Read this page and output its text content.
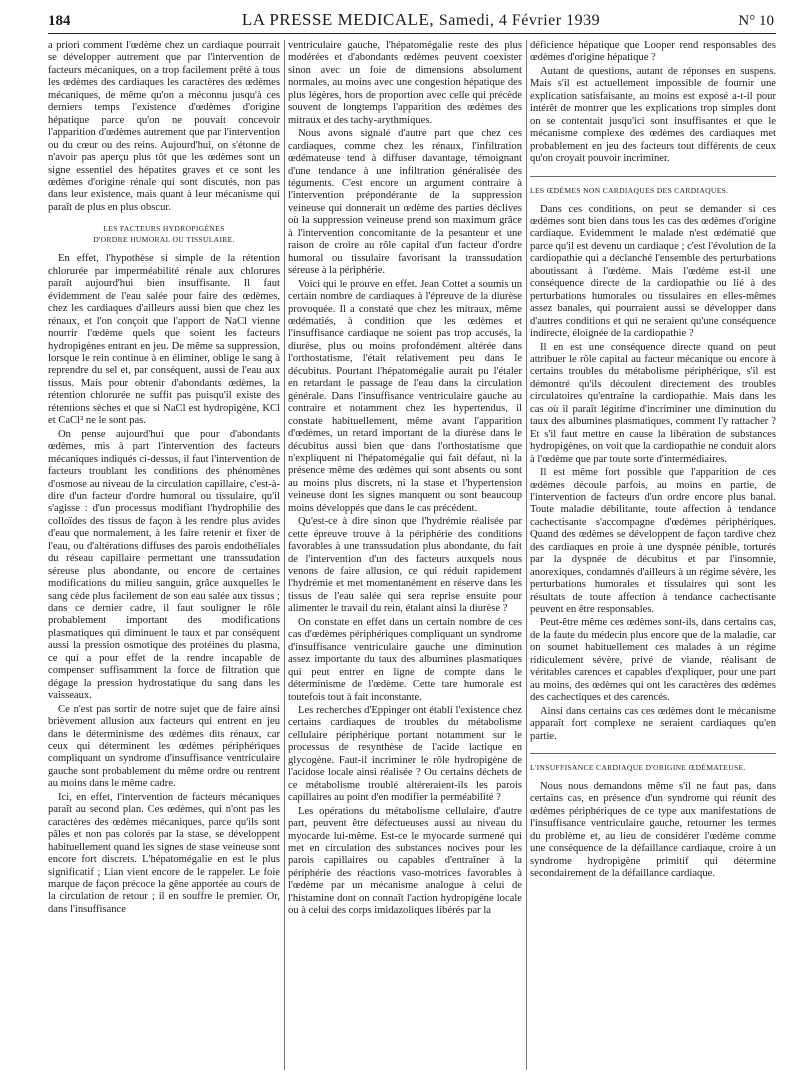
184	LA PRESSE MEDICALE, Samedi, 4 Février 1939	N° 10

a priori comment l'œdème chez un cardiaque pourrait se développer autrement que par l'intervention de facteurs mécaniques, on a trop facilement prêté à tous les œdèmes des cardiaques les caractères des œdèmes mécaniques, de même qu'on a méconnu jusqu'à ces derniers temps l'existence d'œdèmes d'origine hépatique parce qu'on ne pouvait concevoir l'apparition d'œdèmes autrement que par l'intervention ou du cœur ou des reins. Aujourd'hui, on s'étonne de n'avoir pas aperçu plus tôt que les œdèmes sont un signe essentiel des hépatites graves et ce sont les œdèmes d'origine rénale qui sont discutés, non pas dans leur existence, mais quant à leur mécanisme qui paraît de plus en plus obscur.

LES FACTEURS HYDROPIGÈNES
D'ORDRE HUMORAL OU TISSULAIRE.

En effet, l'hypothèse si simple de la rétention chlorurée par imperméabilité rénale aux chlorures paraît aujourd'hui bien insuffisante. Il faut évidemment de l'eau salée pour faire des œdèmes, chez les cardiaques d'ailleurs aussi bien que chez les rénaux, et l'on conçoit que l'apport de NaCl vienne nourrir l'œdème quels que soient les facteurs hydropigènes entrant en jeu. De même sa suppression, lorsque le rein continue à en éliminer, oblige le sang à reprendre du sel et, par conséquent, aussi de l'eau aux tissus. Mais pour obtenir d'abondants œdèmes, la rétention chlorurée ne suffit pas puisqu'il existe des rétentions sèches et que si NaCl est hydropigène, KCl et CaCl² ne le sont pas.

On pense aujourd'hui que pour d'abondants œdèmes, mis à part l'intervention des facteurs mécaniques indiqués ci-dessus, il faut l'intervention de facteurs troublant les conditions des phénomènes d'osmose au niveau de la circulation capillaire, c'est-à-dire d'un facteur d'ordre humoral ou tissulaire, qu'il s'agisse : d'un processus modifiant l'hydrophilie des colloïdes des tissus de façon à les rendre plus avides d'eau que normalement, à les faire retenir et fixer de l'eau, ou d'altérations diffuses des parois endothéliales du réseau capillaire permettant une transsudation séreuse plus abondante, ou encore de certaines modifications du milieu sanguin, grâce auxquelles le sang cède plus facilement de son eau salée aux tissus ; dans ce dernier cadre, il faut souligner le rôle probablement important des modifications plasmatiques qui diminuent le taux et par conséquent aussi la pression osmotique des protéines du plasma, ce qui a pour effet de la rendre incapable de compenser suffisamment la force de filtration que dégage la pression hydrostatique du sang dans les vaisseaux.

Ce n'est pas sortir de notre sujet que de faire ainsi brièvement allusion aux facteurs qui entrent en jeu dans le déterminisme des œdèmes dits rénaux, car ceux qui déterminent les œdèmes périphériques compliquant un syndrome d'insuffisance ventriculaire gauche sont probablement du même ordre ou rentrent au moins dans le même cadre.

Ici, en effet, l'intervention de facteurs mécaniques paraît au second plan. Ces œdèmes, qui n'ont pas les caractères des œdèmes mécaniques, parce qu'ils sont pâles et non pas colorés par la stase, se développent habituellement quand les signes de stase veineuse sont encore fort discrets. L'hépatomégalie en est le plus significatif ; Lian vient encore de le rappeler. Le foie marque de façon précoce la gêne apportée au cours de la circulation de retour ; il en souffre le premier. Or, dans l'insuffisance

ventriculaire gauche, l'hépatomégalie reste des plus modérées et d'abondants œdèmes peuvent coexister sinon avec un foie de dimensions absolument normales, au moins avec une congestion hépatique des plus légères, hors de proportion avec celle qui précède souvent de longtemps l'apparition des œdèmes des mitraux et des tachy-arythmiques.

Nous avons signalé d'autre part que chez ces cardiaques, comme chez les rénaux, l'infiltration œdémateuse tend à diffuser davantage, témoignant d'une tendance à une infiltration généralisée des téguments. C'est encore un argument contraire à l'intervention prépondérante de la suppression veineuse qui donnerait un œdème des parties déclives où la suppression veineuse prend son maximum grâce à l'intervention concomitante de la pesanteur et une raison de croire au rôle capital d'un facteur d'ordre humoral ou tissulaire favorisant la transsudation séreuse à la périphérie.

Voici qui le prouve en effet. Jean Cottet a soumis un certain nombre de cardiaques à l'épreuve de la diurèse provoquée. Il a constaté que chez les mitraux, même œdématiés, à condition que les œdèmes et l'insuffisance cardiaque ne soient pas trop accusés, la diurèse, plus ou moins profondément altérée dans l'orthostatisme, l'était relativement peu dans le décubitus. Pourtant l'hépatomégalie aurait pu l'étaler en retardant le passage de l'eau dans la circulation générale. Dans l'insuffisance ventriculaire gauche au contraire et notamment chez les hypertendus, il constate habituellement, même avant l'apparition d'œdèmes, un retard important de la diurèse dans le décubitus aussi bien que dans l'orthostatisme que n'expliquent ni l'hépatomégalie qui fait défaut, ni la présence même des œdèmes qui sont absents ou sont au moins plus discrets, ni la stase et l'hypertension veineuse dont les signes manquent ou sont beaucoup moins développés que dans le cas précédent.

Qu'est-ce à dire sinon que l'hydrémie réalisée par cette épreuve trouve à la périphérie des conditions favorables à une transsudation plus abondante, du fait de l'intervention d'un des facteurs auxquels nous venons de faire allusion, ce qui réduit rapidement l'hydrémie et met momentanément en réserve dans les tissus de l'eau salée qui sera reprise ensuite pour alimenter le travail du rein, étalant ainsi la diurèse ?

On constate en effet dans un certain nombre de ces cas d'œdèmes périphériques compliquant un syndrome d'insuffisance ventriculaire gauche une diminution assez importante du taux des albumines plasmatiques qui peut entrer en ligne de compte dans le déterminisme de l'œdème. Cette tare humorale est toutefois tout à fait inconstante.

Les recherches d'Eppinger ont établi l'existence chez certains cardiaques de troubles du métabolisme cellulaire périphérique portant notamment sur le processus de resynthèse de l'acide lactique en glycogène. Faut-il incriminer le rôle hydropigène de l'acidose locale ainsi réalisée ? Ou certains déchets de ce métabolisme troublé altéreraient-ils les parois capillaires au point d'en modifier la perméabilité ?

Les opérations du métabolisme cellulaire, d'autre part, peuvent être défectueuses aussi au niveau du myocarde lui-même. Est-ce le myocarde surmené qui met en circulation des substances nocives pour les parois capillaires ou capables d'entraîner à la périphérie des réactions vaso-motrices favorables à l'œdème par un mécanisme analogue à celui de l'histamine dont on connaît l'action hydropigène locale ou à celui des corps imidazoliques libérés par la

déficience hépatique que Looper rend responsables des œdèmes d'origine hépatique ?

Autant de questions, autant de réponses en suspens. Mais s'il est actuellement impossible de fournir une explication satisfaisante, au moins est exposé a-t-il pour intérêt de montrer que les explications trop simples dont on se contentait jusqu'ici sont insuffisantes et que le mécanisme complexe des œdèmes des cardiaques met probablement en jeu des facteurs tout différents de ceux qu'on croyait pouvoir incriminer.

LES ŒDÈMES NON CARDIAQUES DES CARDIAQUES.

Dans ces conditions, on peut se demander si ces œdèmes sont bien dans tous les cas des œdèmes d'origine cardiaque. Evidemment le malade n'est œdématié que parce qu'il est devenu un cardiaque ; c'est l'évolution de la cardiopathie qui a déclanché l'ensemble des perturbations aboutissant à l'œdème. Mais l'œdème est-il une conséquence directe de la cardiopathie ou lié à des perturbations humorales ou tissulaires en elles-mêmes assez banales, qui pourraient aussi se développer dans d'autres conditions et qui ne seraient qu'une conséquence indirecte, éloignée de la cardiopathie ?

Il en est une conséquence directe quand on peut attribuer le rôle capital au facteur mécanique ou encore à certains troubles du métabolisme périphérique, s'il est démontré qu'ils découlent directement des troubles circulatoires qu'entraîne la cardiopathie. Mais dans les cas où il paraît légitime d'incriminer une diminution du taux des albumines plasmatiques, comment l'y rattacher ? Et s'il faut mettre en cause la libération de substances hydropigènes, on voit que la cardiopathie ne conduit alors à l'œdème que par toute sorte d'intermédiaires.

Il est même fort possible que l'apparition de ces œdèmes découle parfois, au moins en partie, de l'intervention de facteurs d'un ordre encore plus banal. Toute maladie débilitante, toute affection à tendance cachectisante s'accompagne d'œdèmes périphériques. Quand des œdèmes se développent de façon tardive chez des cardiaques en proie à une dyspnée pénible, torturés par la dyspnée de décubitus et par l'insomnie, anorexiques, condamnés d'ailleurs à un régime sévère, les perturbations humorales et tissulaires qui sont les résultats de toute affection à tendance cachectisante peuvent en être responsables.

Peut-être même ces œdèmes sont-ils, dans certains cas, de la faute du médecin plus encore que de la maladie, car on soumet habituellement ces malades à un régime ridiculement sévère, privé de viande, réalisant de véritables carences et capables d'expliquer, pour une part au moins, des œdèmes qui ont les caractères des œdèmes des cachectiques et des carencés.

Ainsi dans certains cas ces œdèmes dont le mécanisme apparaît fort complexe ne seraient cardiaques qu'en partie.

L'INSUFFISANCE CARDIAQUE D'ORIGINE ŒDÉMATEUSE.

Nous nous demandons même s'il ne faut pas, dans certains cas, en présence d'un syndrome qui réunit des œdèmes périphériques de ce type aux manifestations de l'insuffisance ventriculaire gauche, retourner les termes du problème et, au lieu de considérer l'œdème comme une conséquence de la défaillance cardiaque, croire à un syndrome hydropigène primitif qui détermine secondairement de la défaillance cardiaque.
